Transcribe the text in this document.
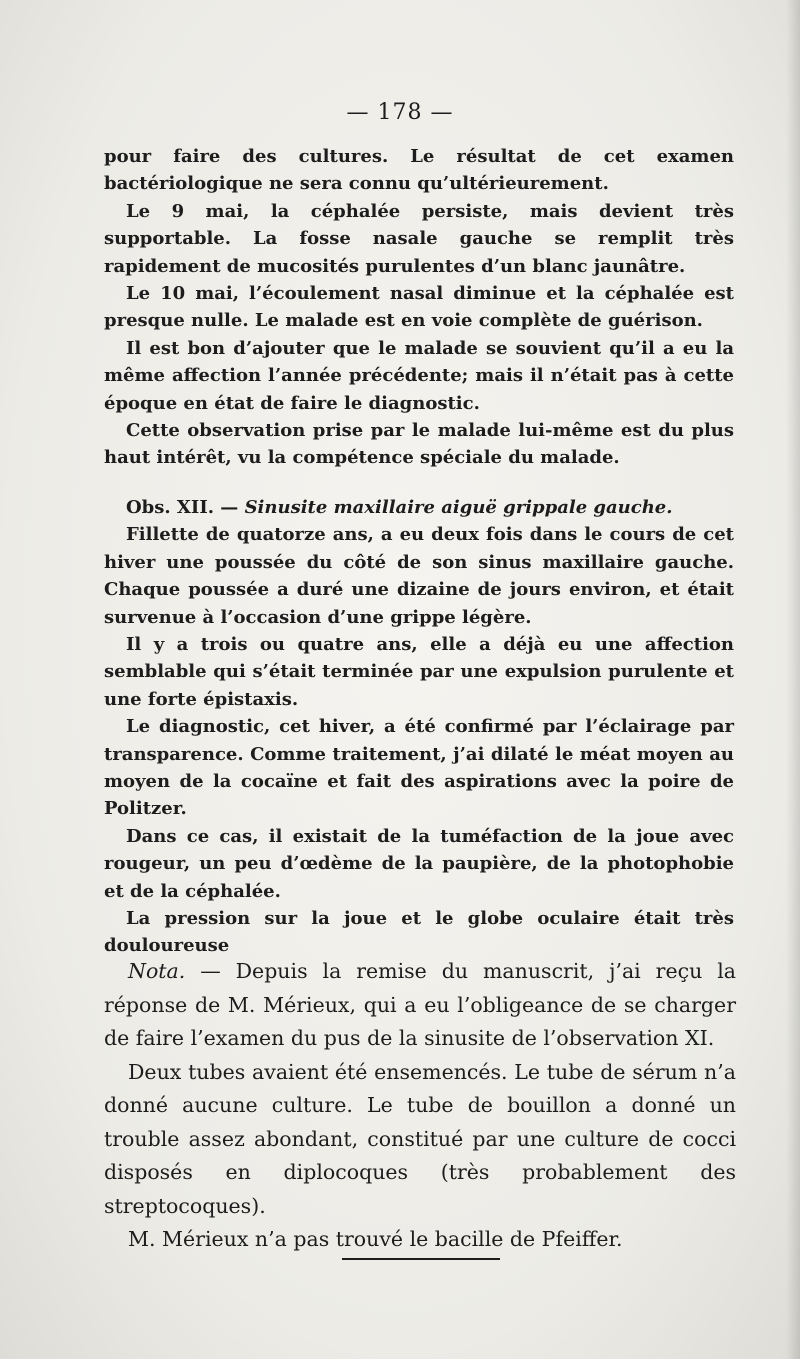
— 178 —

pour faire des cultures. Le résultat de cet examen bactériologique ne sera connu qu’ultérieurement.

Le 9 mai, la céphalée persiste, mais devient très supportable. La fosse nasale gauche se remplit très rapidement de mucosités purulentes d’un blanc jaunâtre.

Le 10 mai, l’écoulement nasal diminue et la céphalée est presque nulle. Le malade est en voie complète de guérison.

Il est bon d’ajouter que le malade se souvient qu’il a eu la même affection l’année précédente; mais il n’était pas à cette époque en état de faire le diagnostic.

Cette observation prise par le malade lui-même est du plus haut intérêt, vu la compétence spéciale du malade.

Obs. XII. — Sinusite maxillaire aiguë grippale gauche.

Fillette de quatorze ans, a eu deux fois dans le cours de cet hiver une poussée du côté de son sinus maxillaire gauche. Chaque poussée a duré une dizaine de jours environ, et était survenue à l’occasion d’une grippe légère.

Il y a trois ou quatre ans, elle a déjà eu une affection semblable qui s’était terminée par une expulsion purulente et une forte épistaxis.

Le diagnostic, cet hiver, a été confirmé par l’éclairage par transparence. Comme traitement, j’ai dilaté le méat moyen au moyen de la cocaïne et fait des aspirations avec la poire de Politzer.

Dans ce cas, il existait de la tuméfaction de la joue avec rougeur, un peu d’œdème de la paupière, de la photophobie et de la céphalée.

La pression sur la joue et le globe oculaire était très douloureuse

Nota. — Depuis la remise du manuscrit, j’ai reçu la réponse de M. Mérieux, qui a eu l’obligeance de se charger de faire l’examen du pus de la sinusite de l’observation XI.

Deux tubes avaient été ensemencés. Le tube de sérum n’a donné aucune culture. Le tube de bouillon a donné un trouble assez abondant, constitué par une culture de cocci disposés en diplocoques (très probablement des streptocoques).

M. Mérieux n’a pas trouvé le bacille de Pfeiffer.
